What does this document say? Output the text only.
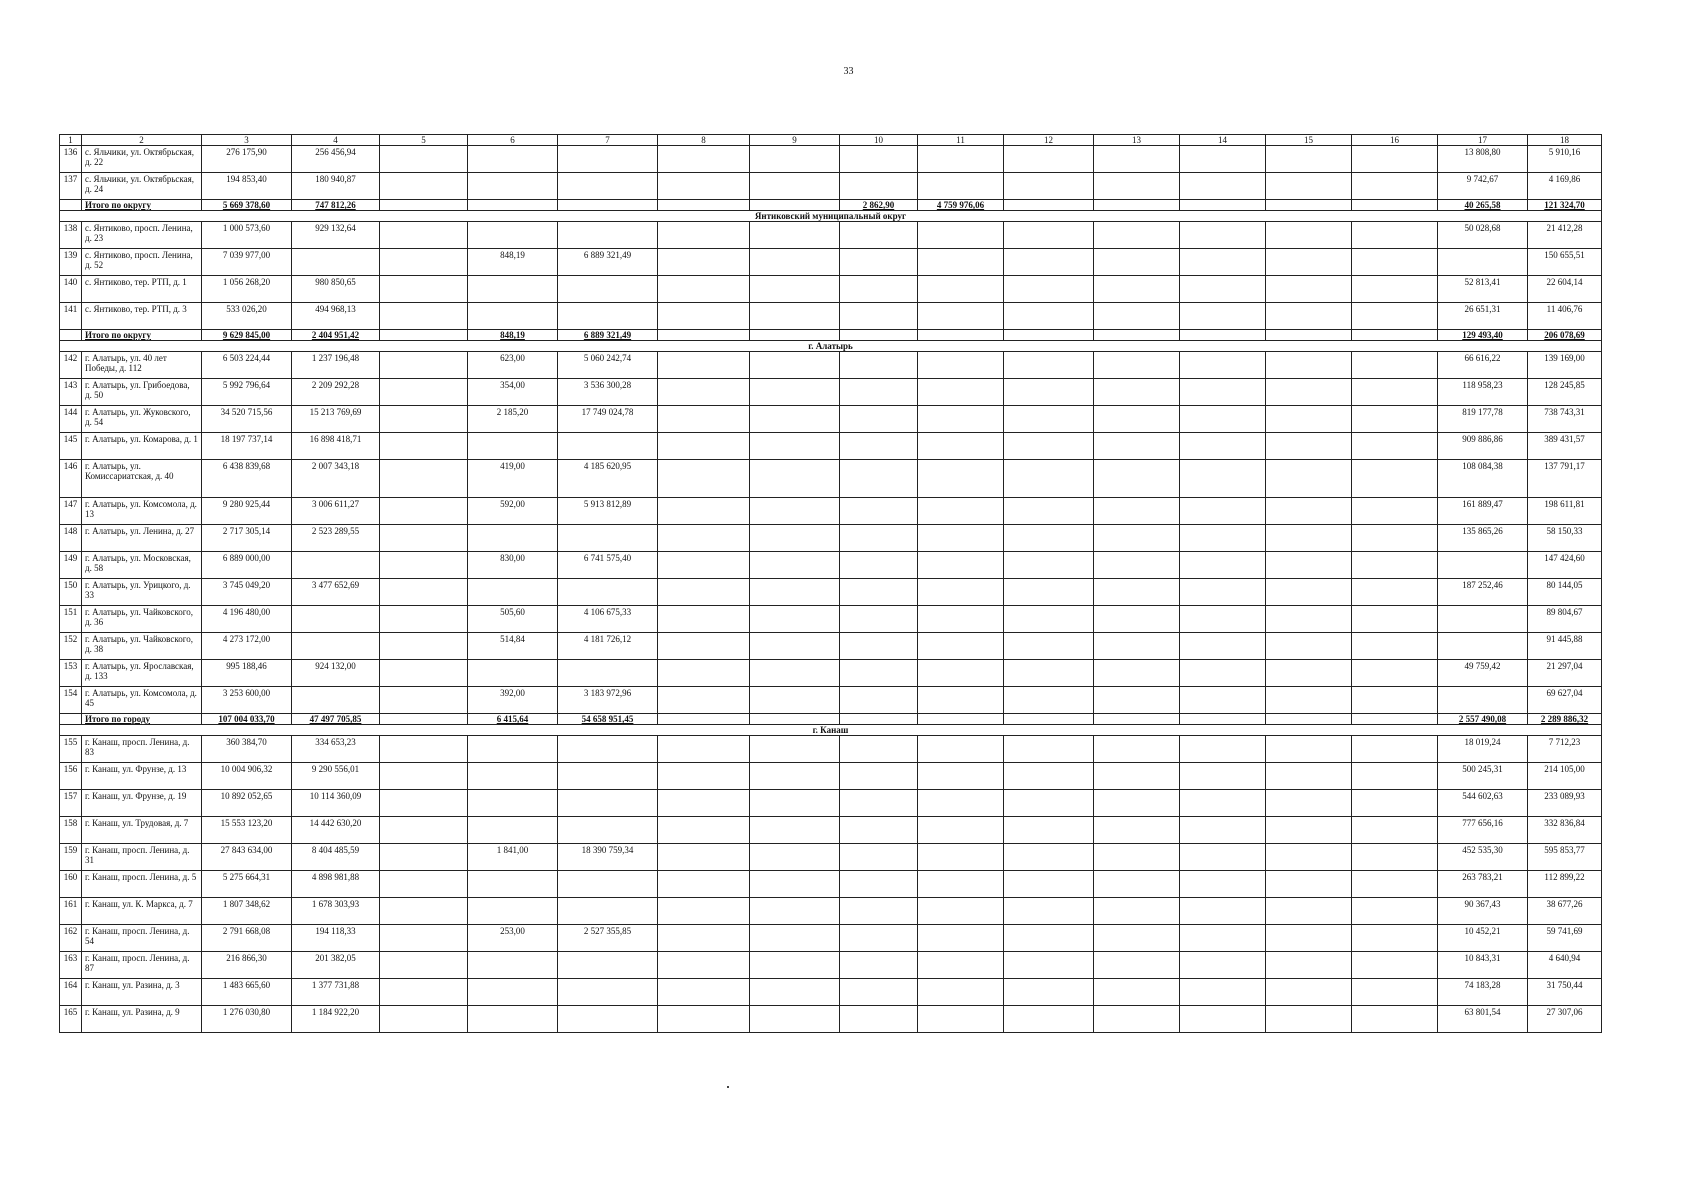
33
1	2	3	4	5	6	7	8	9	10	11	12	13	14	15	16	17	18
136	с. Яльчики, ул. Октябрьская, д. 22	276 175,90	256 456,94													13 808,80	5 910,16
137	с. Яльчики, ул. Октябрьская, д. 24	194 853,40	180 940,87													9 742,67	4 169,86
	Итого по округу	5 669 378,60	747 812,26						2 862,90	4 759 976,06						40 265,58	121 324,70
Янтиковский муниципальный округ																	
138	с. Янтиково, просп. Ленина, д. 23	1 000 573,60	929 132,64													50 028,68	21 412,28
139	с. Янтиково, просп. Ленина, д. 52	7 039 977,00			848,19	6 889 321,49											150 655,51
140	с. Янтиково, тер. РТП, д. 1	1 056 268,20	980 850,65													52 813,41	22 604,14
141	с. Янтиково, тер. РТП, д. 3	533 026,20	494 968,13													26 651,31	11 406,76
	Итого по округу	9 629 845,00	2 404 951,42		848,19	6 889 321,49										129 493,40	206 078,69
г. Алатырь																	
142	г. Алатырь, ул. 40 лет Победы, д. 112	6 503 224,44	1 237 196,48		623,00	5 060 242,74										66 616,22	139 169,00
143	г. Алатырь, ул. Грибоедова, д. 50	5 992 796,64	2 209 292,28		354,00	3 536 300,28										118 958,23	128 245,85
144	г. Алатырь, ул. Жуковского, д. 54	34 520 715,56	15 213 769,69		2 185,20	17 749 024,78										819 177,78	738 743,31
145	г. Алатырь, ул. Комарова, д. 1	18 197 737,14	16 898 418,71													909 886,86	389 431,57
146	г. Алатырь, ул. Комиссариатская, д. 40	6 438 839,68	2 007 343,18		419,00	4 185 620,95										108 084,38	137 791,17
147	г. Алатырь, ул. Комсомола, д. 13	9 280 925,44	3 006 611,27		592,00	5 913 812,89										161 889,47	198 611,81
148	г. Алатырь, ул. Ленина, д. 27	2 717 305,14	2 523 289,55													135 865,26	58 150,33
149	г. Алатырь, ул. Московская, д. 58	6 889 000,00			830,00	6 741 575,40											147 424,60
150	г. Алатырь, ул. Урицкого, д. 33	3 745 049,20	3 477 652,69													187 252,46	80 144,05
151	г. Алатырь, ул. Чайковского, д. 36	4 196 480,00			505,60	4 106 675,33											89 804,67
152	г. Алатырь, ул. Чайковского, д. 38	4 273 172,00			514,84	4 181 726,12											91 445,88
153	г. Алатырь, ул. Ярославская, д. 133	995 188,46	924 132,00													49 759,42	21 297,04
154	г. Алатырь, ул. Комсомола, д. 45	3 253 600,00			392,00	3 183 972,96											69 627,04
	Итого по городу	107 004 033,70	47 497 705,85		6 415,64	54 658 951,45										2 557 490,08	2 289 886,32
г. Канаш																	
155	г. Канаш, просп. Ленина, д. 83	360 384,70	334 653,23													18 019,24	7 712,23
156	г. Канаш, ул. Фрунзе, д. 13	10 004 906,32	9 290 556,01													500 245,31	214 105,00
157	г. Канаш, ул. Фрунзе, д. 19	10 892 052,65	10 114 360,09													544 602,63	233 089,93
158	г. Канаш, ул. Трудовая, д. 7	15 553 123,20	14 442 630,20													777 656,16	332 836,84
159	г. Канаш, просп. Ленина, д. 31	27 843 634,00	8 404 485,59		1 841,00	18 390 759,34										452 535,30	595 853,77
160	г. Канаш, просп. Ленина, д. 5	5 275 664,31	4 898 981,88													263 783,21	112 899,22
161	г. Канаш, ул. К. Маркса, д. 7	1 807 348,62	1 678 303,93													90 367,43	38 677,26
162	г. Канаш, просп. Ленина, д. 54	2 791 668,08	194 118,33		253,00	2 527 355,85										10 452,21	59 741,69
163	г. Канаш, просп. Ленина, д. 87	216 866,30	201 382,05													10 843,31	4 640,94
164	г. Канаш, ул. Разина, д. 3	1 483 665,60	1 377 731,88													74 183,28	31 750,44
165	г. Канаш, ул. Разина, д. 9	1 276 030,80	1 184 922,20													63 801,54	27 307,06
